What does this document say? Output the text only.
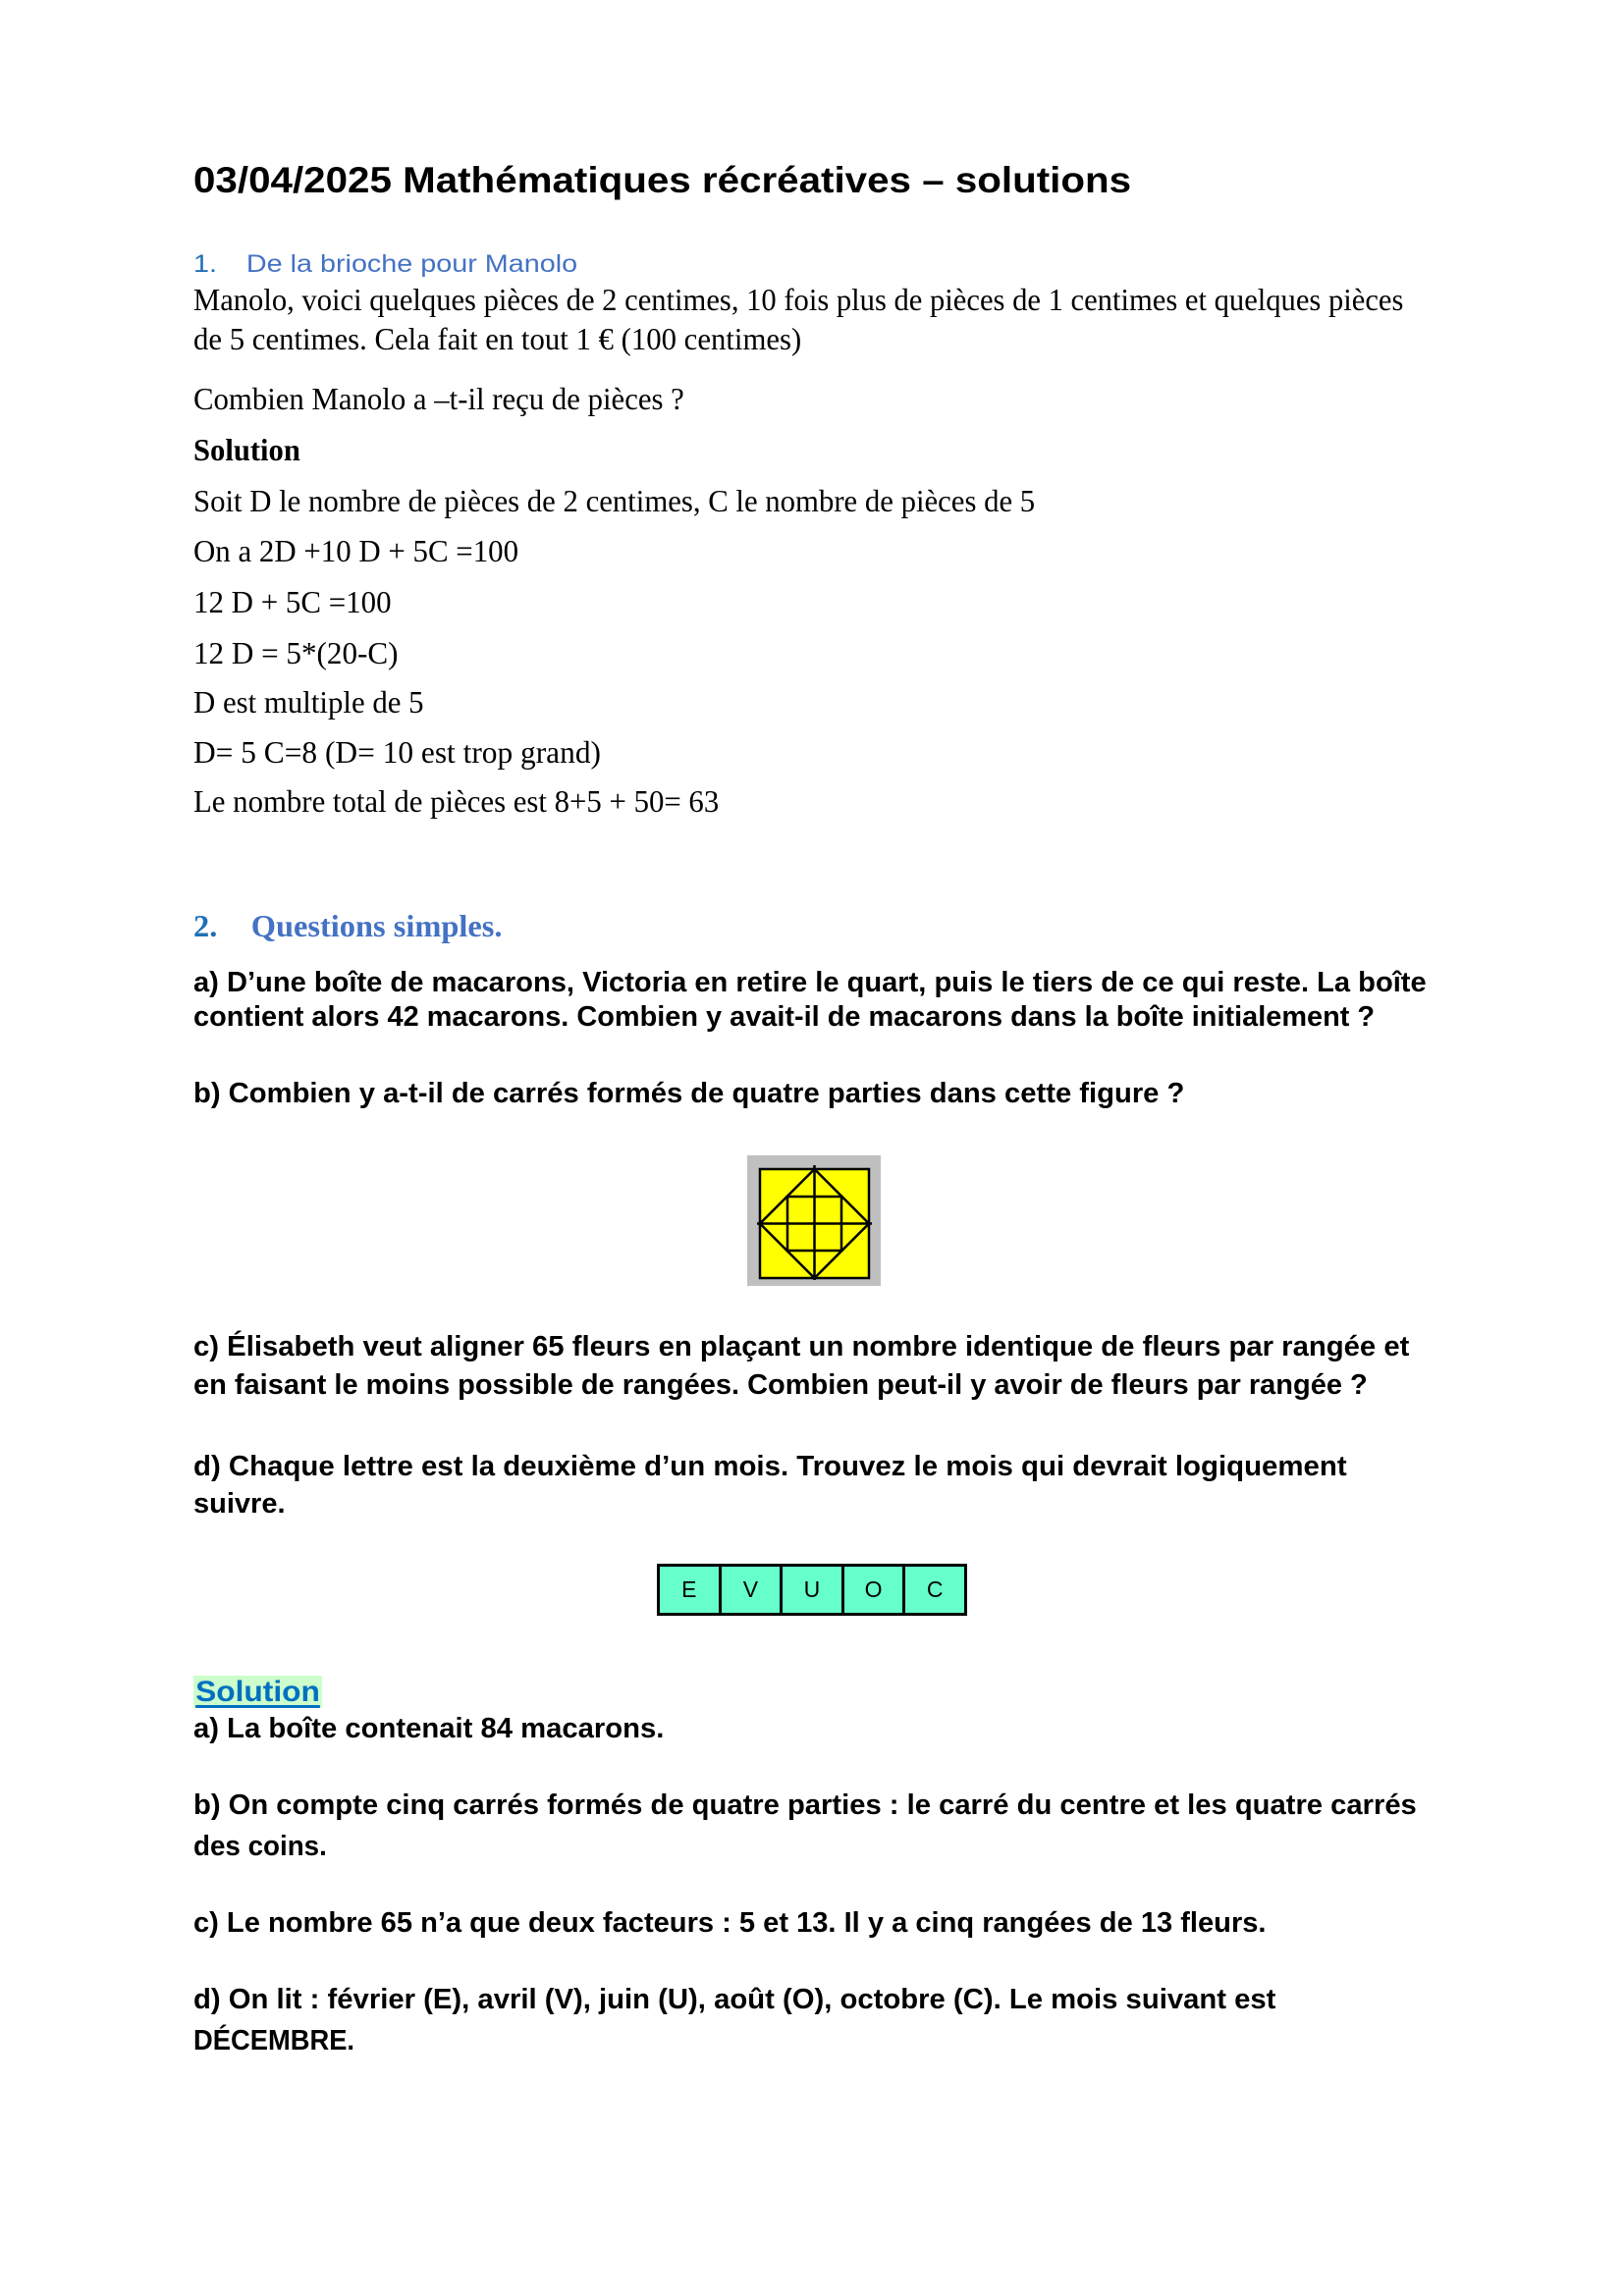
03/04/2025 Mathématiques récréatives – solutions
1. De la brioche pour Manolo
Manolo, voici quelques pièces de 2 centimes, 10 fois plus de pièces de 1 centimes et quelques pièces
de 5 centimes. Cela fait en tout 1 € (100 centimes)
Combien Manolo a –t-il reçu de pièces ?
Solution
Soit D le nombre de pièces de 2 centimes, C le nombre de pièces de 5
On a 2D +10 D + 5C =100
12 D + 5C =100
12 D = 5*(20-C)
D est multiple de 5
D= 5 C=8 (D= 10 est trop grand)
Le nombre total de pièces est 8+5 + 50= 63
2. Questions simples.
a) D’une boîte de macarons, Victoria en retire le quart, puis le tiers de ce qui reste. La boîte
contient alors 42 macarons. Combien y avait-il de macarons dans la boîte initialement ?
b) Combien y a-t-il de carrés formés de quatre parties dans cette figure ?
c) Élisabeth veut aligner 65 fleurs en plaçant un nombre identique de fleurs par rangée et
en faisant le moins possible de rangées. Combien peut-il y avoir de fleurs par rangée ?
d) Chaque lettre est la deuxième d’un mois. Trouvez le mois qui devrait logiquement
suivre.
E	V	U	O	C
Solution
a) La boîte contenait 84 macarons.
b) On compte cinq carrés formés de quatre parties : le carré du centre et les quatre carrés
des coins.
c) Le nombre 65 n’a que deux facteurs : 5 et 13. Il y a cinq rangées de 13 fleurs.
d) On lit : février (E), avril (V), juin (U), août (O), octobre (C). Le mois suivant est
DÉCEMBRE.
